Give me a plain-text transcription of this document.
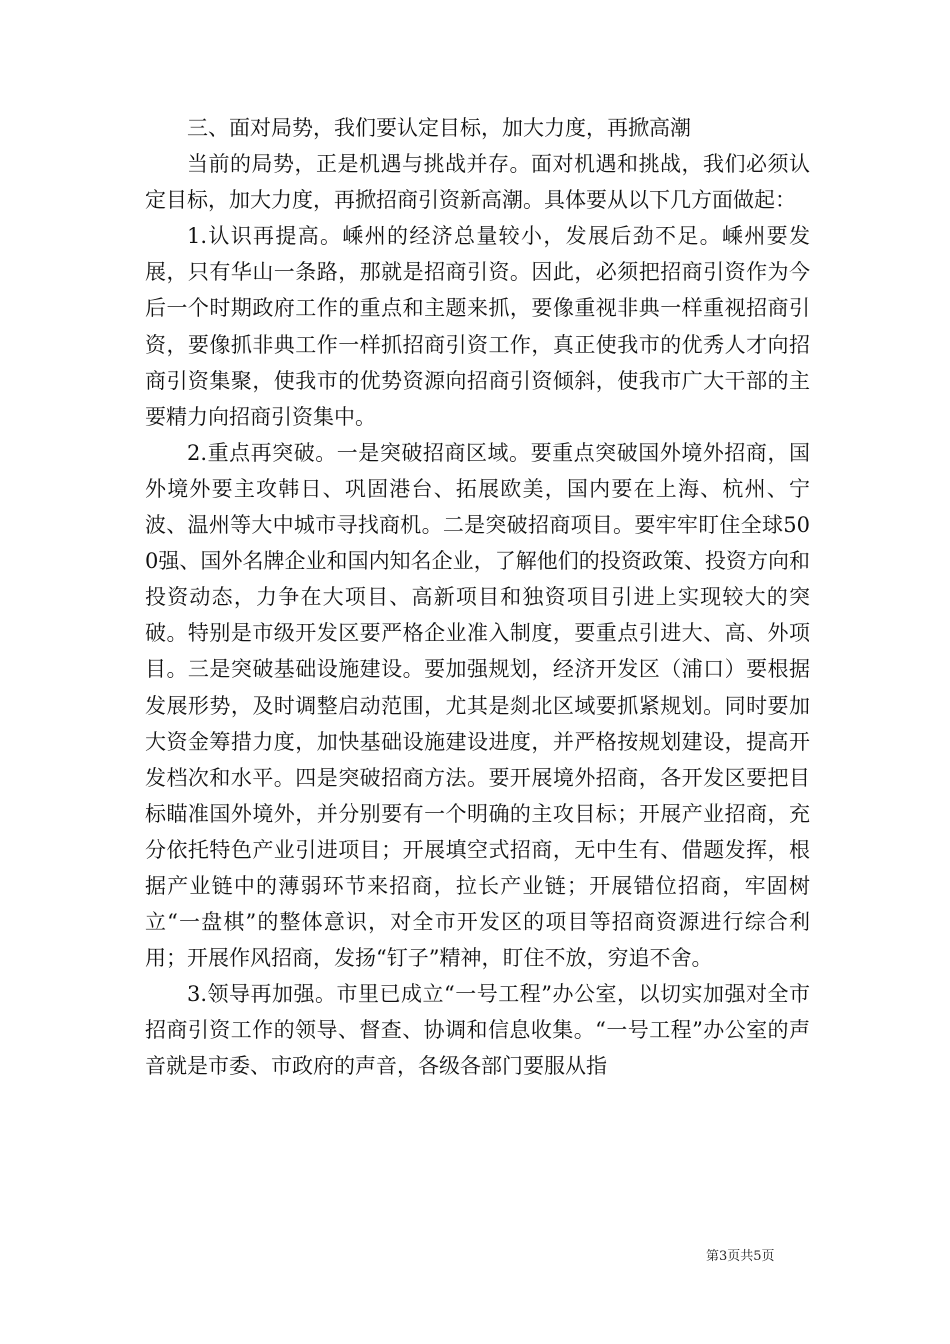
三、面对局势，我们要认定目标，加大力度，再掀高潮

当前的局势，正是机遇与挑战并存。面对机遇和挑战，我们必须认定目标，加大力度，再掀招商引资新高潮。具体要从以下几方面做起：

1.认识再提高。嵊州的经济总量较小，发展后劲不足。嵊州要发展，只有华山一条路，那就是招商引资。因此，必须把招商引资作为今后一个时期政府工作的重点和主题来抓，要像重视非典一样重视招商引资，要像抓非典工作一样抓招商引资工作，真正使我市的优秀人才向招商引资集聚，使我市的优势资源向招商引资倾斜，使我市广大干部的主要精力向招商引资集中。

2.重点再突破。一是突破招商区域。要重点突破国外境外招商，国外境外要主攻韩日、巩固港台、拓展欧美，国内要在上海、杭州、宁波、温州等大中城市寻找商机。二是突破招商项目。要牢牢盯住全球500强、国外名牌企业和国内知名企业，了解他们的投资政策、投资方向和投资动态，力争在大项目、高新项目和独资项目引进上实现较大的突破。特别是市级开发区要严格企业准入制度，要重点引进大、高、外项目。三是突破基础设施建设。要加强规划，经济开发区（浦口）要根据发展形势，及时调整启动范围，尤其是剡北区域要抓紧规划。同时要加大资金筹措力度，加快基础设施建设进度，并严格按规划建设，提高开发档次和水平。四是突破招商方法。要开展境外招商，各开发区要把目标瞄准国外境外，并分别要有一个明确的主攻目标；开展产业招商，充分依托特色产业引进项目；开展填空式招商，无中生有、借题发挥，根据产业链中的薄弱环节来招商，拉长产业链；开展错位招商，牢固树立“一盘棋”的整体意识，对全市开发区的项目等招商资源进行综合利用；开展作风招商，发扬“钉子”精神，盯住不放，穷追不舍。

3.领导再加强。市里已成立“一号工程”办公室，以切实加强对全市招商引资工作的领导、督查、协调和信息收集。“一号工程”办公室的声音就是市委、市政府的声音，各级各部门要服从指

第3页共5页
